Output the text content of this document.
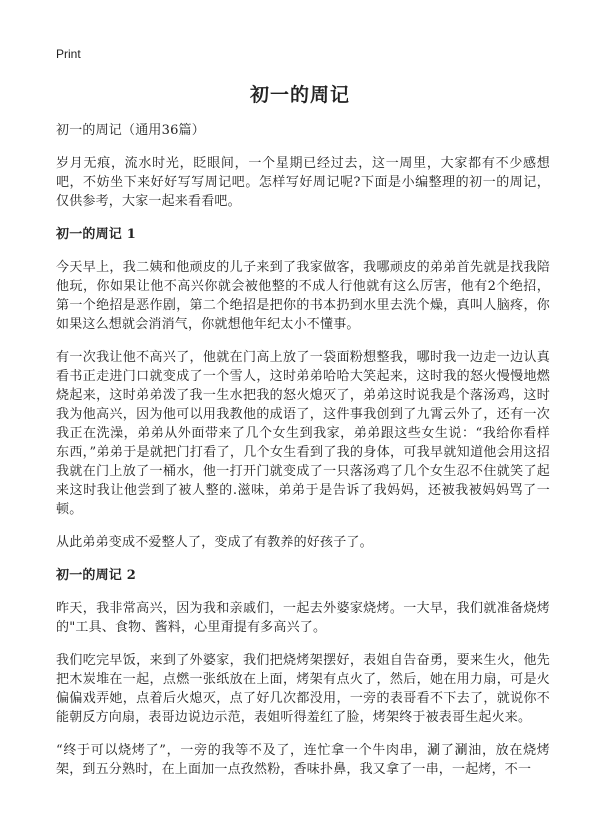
Print
初一的周记

初一的周记（通用36篇）

岁月无痕，流水时光，眨眼间，一个星期已经过去，这一周里，大家都有不少感想吧，不妨坐下来好好写写周记吧。怎样写好周记呢?下面是小编整理的初一的周记，仅供参考，大家一起来看看吧。

初一的周记 1

今天早上，我二姨和他顽皮的儿子来到了我家做客，我哪顽皮的弟弟首先就是找我陪他玩，你如果让他不高兴你就会被他整的不成人行他就有这么厉害，他有2个绝招，第一个绝招是恶作剧，第二个绝招是把你的书本扔到水里去洗个燥，真叫人脑疼，你如果这么想就会消消气，你就想他年纪太小不懂事。

有一次我让他不高兴了，他就在门高上放了一袋面粉想整我，哪时我一边走一边认真看书正走进门口就变成了一个雪人，这时弟弟哈哈大笑起来，这时我的怒火慢慢地燃烧起来，这时弟弟泼了我一生水把我的怒火熄灭了，弟弟这时说我是个落汤鸡，这时我为他高兴，因为他可以用我教他的成语了，这件事我创到了九霄云外了，还有一次我正在洗澡，弟弟从外面带来了几个女生到我家，弟弟跟这些女生说：“我给你看样东西，”弟弟于是就把门打看了，几个女生看到了我的身体，可我早就知道他会用这招我就在门上放了一桶水，他一打开门就变成了一只落汤鸡了几个女生忍不住就笑了起来这时我让他尝到了被人整的.滋味，弟弟于是告诉了我妈妈，还被我被妈妈骂了一顿。

从此弟弟变成不爱整人了，变成了有教养的好孩子了。

初一的周记 2

昨天，我非常高兴，因为我和亲戚们，一起去外婆家烧烤。一大早，我们就准备烧烤的"工具、食物、酱料，心里甭提有多高兴了。

我们吃完早饭，来到了外婆家，我们把烧烤架摆好，表姐自告奋勇，要来生火，他先把木炭堆在一起，点燃一张纸放在上面，烤架有点火了，然后，她在用力扇，可是火偏偏戏弄她，点着后火熄灭，点了好几次都没用，一旁的表哥看不下去了，就说你不能朝反方向扇，表哥边说边示范，表姐听得羞红了脸，烤架终于被表哥生起火来。

“终于可以烧烤了”，一旁的我等不及了，连忙拿一个牛肉串，涮了涮油，放在烧烤架，到五分熟时，在上面加一点孜然粉，香味扑鼻，我又拿了一串，一起烤，不一
